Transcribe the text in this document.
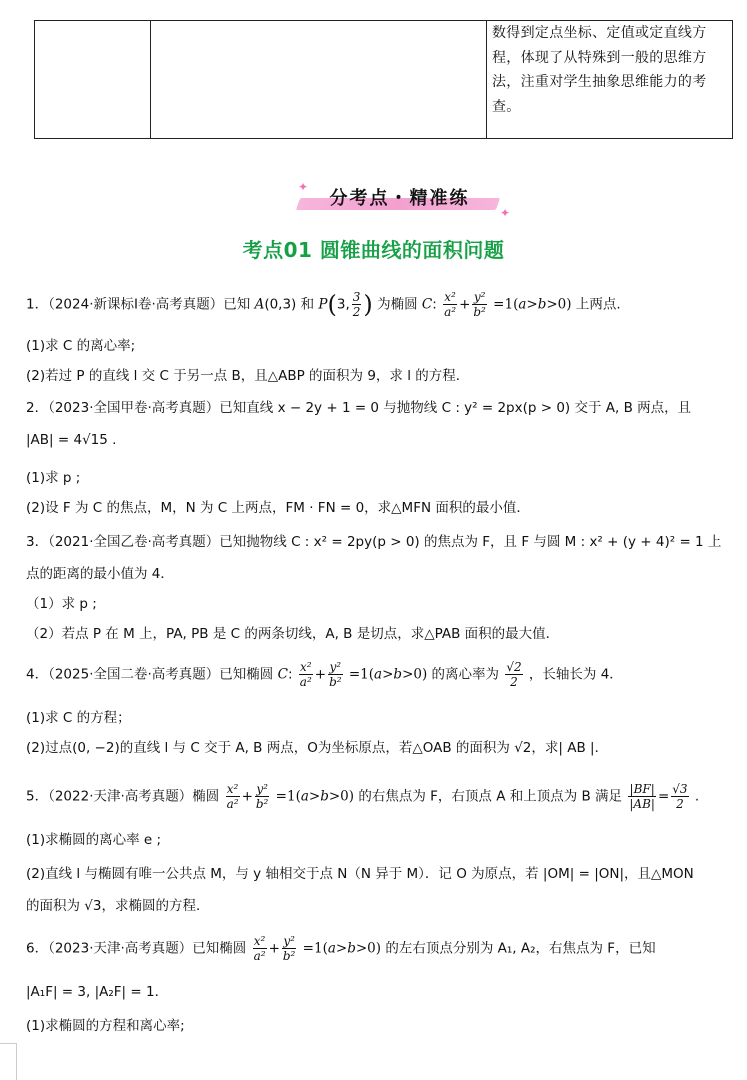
数得到定点坐标、定值或定直线方程，体现了从特殊到一般的思维方法，注重对学生抽象思维能力的考查。
分考点・精准练
✦
✦
考点01 圆锥曲线的面积问题
1．（2024·新课标Ⅰ卷·高考真题）已知 A(0,3) 和 P(3, $\frac{3}{2}$ ) 为椭圆 C: $\frac{\text{x²}}{\text{a²}} + \frac{\text{y²}}{\text{b²}} =1(a>b>0)$ 上两点.
(1)求 C 的离心率;
(2)若过 P 的直线 l 交 C 于另一点 B，且△ABP 的面积为 9，求 l 的方程．
2．（2023·全国甲卷·高考真题）已知直线 x − 2y + 1 = 0 与抛物线 C : y² = 2px(p > 0) 交于 A, B 两点，且
|AB| = 4√15 .
(1)求 p ;
(2)设 F 为 C 的焦点，M，N 为 C 上两点，FM · FN = 0，求△MFN 面积的最小值．
3．（2021·全国乙卷·高考真题）已知抛物线 C : x² = 2py(p > 0) 的焦点为 F，且 F 与圆 M : x² + (y + 4)² = 1 上
点的距离的最小值为 4．
（1）求 p ;
（2）若点 P 在 M 上，PA, PB 是 C 的两条切线，A, B 是切点，求△PAB 面积的最大值．
4．（2025·全国二卷·高考真题）已知椭圆 C: $\frac{\text{x²}}{\text{a²}} + \frac{\text{y²}}{\text{b²}} =1(a>b>0)$ 的离心率为 $\frac{√2}{2}$ ，长轴长为 4．
(1)求 C 的方程；
(2)过点(0, −2)的直线 l 与 C 交于 A, B 两点，O为坐标原点，若△OAB 的面积为 √2，求| AB |．
5．（2022·天津·高考真题）椭圆 $\frac{\text{x²}}{\text{a²}} + \frac{\text{y²}}{\text{b²}} =1(a>b>0)$ 的右焦点为 F，右顶点 A 和上顶点为 B 满足 $\frac{|BF|}{|AB|} = \frac{√3}{2}$ .
(1)求椭圆的离心率 e ;
(2)直线 l 与椭圆有唯一公共点 M，与 y 轴相交于点 N（N 异于 M）．记 O 为原点，若 |OM| = |ON|，且△MON
的面积为 √3，求椭圆的方程．
6．（2023·天津·高考真题）已知椭圆 $\frac{\text{x²}}{\text{a²}} + \frac{\text{y²}}{\text{b²}} =1(a>b>0)$ 的左右顶点分别为 A₁, A₂，右焦点为 F，已知
|A₁F| = 3, |A₂F| = 1．
(1)求椭圆的方程和离心率;
